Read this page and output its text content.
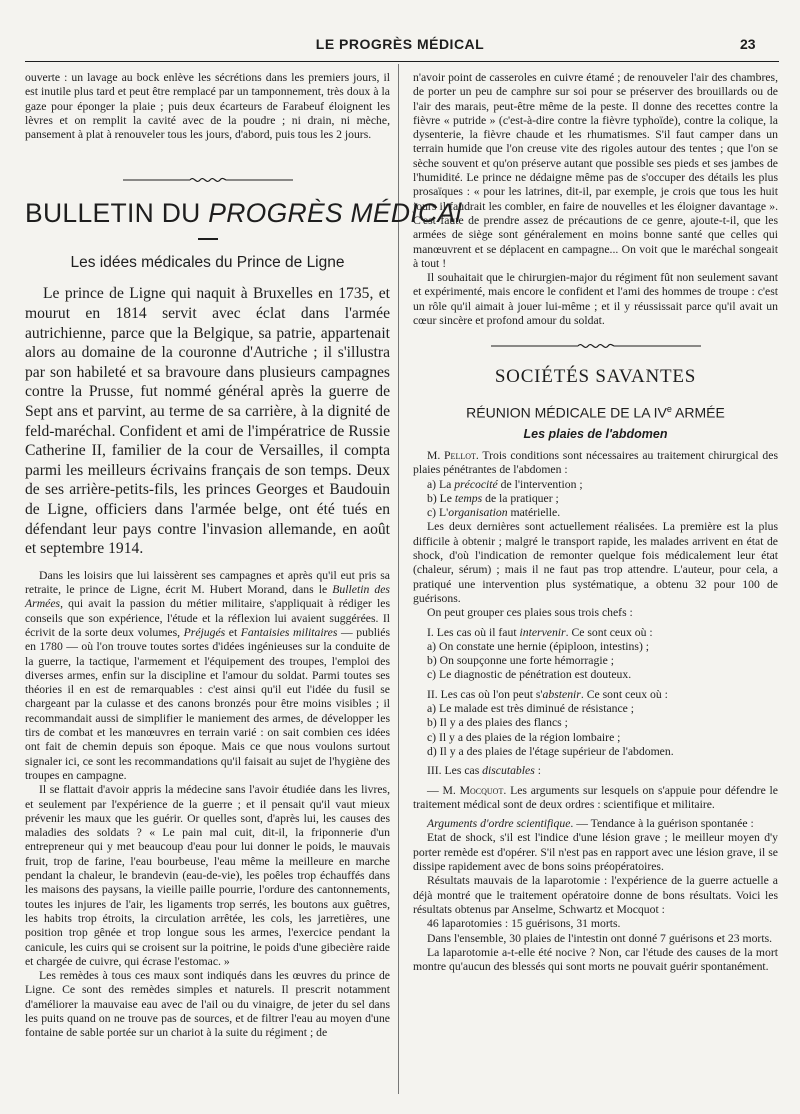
LE PROGRÈS MÉDICAL	23

ouverte : un lavage au bock enlève les sécrétions dans les premiers jours, il est inutile plus tard et peut être remplacé par un tamponnement, très doux à la gaze pour éponger la plaie ; puis deux écarteurs de Farabeuf éloignent les lèvres et on remplit la cavité avec de la poudre ; ni drain, ni mèche, pansement à plat à renouveler tous les jours, d'abord, puis tous les 2 jours.

BULLETIN DU PROGRÈS MÉDICAl
Les idées médicales du Prince de Ligne

Le prince de Ligne qui naquit à Bruxelles en 1735, et mourut en 1814 servit avec éclat dans l'armée autrichienne, parce que la Belgique, sa patrie, appartenait alors au domaine de la couronne d'Autriche ; il s'illustra par son habileté et sa bravoure dans plusieurs campagnes contre la Prusse, fut nommé général après la guerre de Sept ans et parvint, au terme de sa carrière, à la dignité de feld-maréchal. Confident et ami de l'impératrice de Russie Catherine II, familier de la cour de Versailles, il compta parmi les meilleurs écrivains français de son temps. Deux de ses arrière-petits-fils, les princes Georges et Baudouin de Ligne, officiers dans l'armée belge, ont été tués en défendant leur pays contre l'invasion allemande, en août et septembre 1914.

Dans les loisirs que lui laissèrent ses campagnes et après qu'il eut pris sa retraite, le prince de Ligne, écrit M. Hubert Morand, dans le Bulletin des Armées, qui avait la passion du métier militaire, s'appliquait à rédiger les conseils que son expérience, l'étude et la réflexion lui avaient suggérées. Il écrivit de la sorte deux volumes, Préjugés et Fantaisies militaires — publiés en 1780 — où l'on trouve toutes sortes d'idées ingénieuses sur la conduite de la guerre, la tactique, l'armement et l'équipement des troupes, l'emploi des diverses armes, enfin sur la discipline et l'amour du soldat. Parmi toutes ses théories il en est de remarquables : c'est ainsi qu'il eut l'idée du fusil se chargeant par la culasse et des canons bronzés pour être moins visibles ; il recommandait aussi de simplifier le maniement des armes, de développer les tirs de combat et les manœuvres en terrain varié : on sait combien ces idées ont fait de chemin depuis son époque. Mais ce que nous voulons surtout signaler ici, ce sont les recommandations qu'il faisait au sujet de l'hygiène des troupes en campagne.

Il se flattait d'avoir appris la médecine sans l'avoir étudiée dans les livres, et seulement par l'expérience de la guerre ; et il pensait qu'il vaut mieux prévenir les maux que les guérir. Or quelles sont, d'après lui, les causes des maladies des soldats ? « Le pain mal cuit, dit-il, la friponnerie d'un entrepreneur qui y met beaucoup d'eau pour lui donner le poids, le mauvais fruit, trop de farine, l'eau bourbeuse, l'eau même la meilleure en marche pendant la chaleur, le brandevin (eau-de-vie), les poêles trop échauffés dans les maisons des paysans, la vieille paille pourrie, l'ordure des cantonnements, toutes les injures de l'air, les ligaments trop serrés, les boutons aux guêtres, les habits trop étroits, la circulation arrêtée, les cols, les jarretières, une position trop gênée et trop longue sous les armes, l'exercice pendant la canicule, les cuirs qui se croisent sur la poitrine, le poids d'une gibecière raide et chargée de cuivre, qui écrase l'estomac. »

Les remèdes à tous ces maux sont indiqués dans les œuvres du prince de Ligne. Ce sont des remèdes simples et naturels. Il prescrit notamment d'améliorer la mauvaise eau avec de l'ail ou du vinaigre, de jeter du sel dans les puits quand on ne trouve pas de sources, et de filtrer l'eau au moyen d'une fontaine de sable portée sur un chariot à la suite du régiment ; de

n'avoir point de casseroles en cuivre étamé ; de renouveler l'air des chambres, de porter un peu de camphre sur soi pour se préserver des brouillards ou de l'air des marais, peut-être même de la peste. Il donne des recettes contre la fièvre « putride » (c'est-à-dire contre la fièvre typhoïde), contre la colique, la dysenterie, la fièvre chaude et les rhumatismes. S'il faut camper dans un terrain humide que l'on creuse vite des rigoles autour des tentes ; que l'on se sèche souvent et qu'on préserve autant que possible ses pieds et ses jambes de l'humidité. Le prince ne dédaigne même pas de s'occuper des détails les plus prosaïques : « pour les latrines, dit-il, par exemple, je crois que tous les huit jours il faudrait les combler, en faire de nouvelles et les éloigner davantage ». C'est faute de prendre assez de précautions de ce genre, ajoute-t-il, que les armées de siège sont généralement en moins bonne santé que celles qui manœuvrent et se déplacent en campagne... On voit que le maréchal songeait à tout !

Il souhaitait que le chirurgien-major du régiment fût non seulement savant et expérimenté, mais encore le confident et l'ami des hommes de troupe : c'est un rôle qu'il aimait à jouer lui-même ; et il y réussissait parce qu'il avait un cœur sincère et profond amour du soldat.

SOCIÉTÉS SAVANTES
RÉUNION MÉDICALE DE LA IVe ARMÉE
Les plaies de l'abdomen

M. Pellot. Trois conditions sont nécessaires au traitement chirurgical des plaies pénétrantes de l'abdomen :

a) La précocité de l'intervention ;

b) Le temps de la pratiquer ;

c) L'organisation matérielle.

Les deux dernières sont actuellement réalisées. La première est la plus difficile à obtenir ; malgré le transport rapide, les malades arrivent en état de shock, d'où l'indication de remonter quelque fois médicalement leur état (chaleur, sérum) ; mais il ne faut pas trop attendre. L'auteur, pour cela, a pratiqué une intervention plus systématique, a obtenu 32 pour 100 de guérisons.

On peut grouper ces plaies sous trois chefs :

I. Les cas où il faut intervenir. Ce sont ceux où :

a) On constate une hernie (épiploon, intestins) ;

b) On soupçonne une forte hémorragie ;

c) Le diagnostic de pénétration est douteux.

II. Les cas où l'on peut s'abstenir. Ce sont ceux où :

a) Le malade est très diminué de résistance ;

b) Il y a des plaies des flancs ;

c) Il y a des plaies de la région lombaire ;

d) Il y a des plaies de l'étage supérieur de l'abdomen.

III. Les cas discutables :

— M. Mocquot. Les arguments sur lesquels on s'appuie pour défendre le traitement médical sont de deux ordres : scientifique et militaire.

Arguments d'ordre scientifique. — Tendance à la guérison spontanée :

Etat de shock, s'il est l'indice d'une lésion grave ; le meilleur moyen d'y porter remède est d'opérer. S'il n'est pas en rapport avec une lésion grave, il se dissipe rapidement avec de bons soins préopératoires.

Résultats mauvais de la laparotomie : l'expérience de la guerre actuelle a déjà montré que le traitement opératoire donne de bons résultats. Voici les résultats obtenus par Anselme, Schwartz et Mocquot :

46 laparotomies : 15 guérisons, 31 morts.

Dans l'ensemble, 30 plaies de l'intestin ont donné 7 guérisons et 23 morts.

La laparotomie a-t-elle été nocive ? Non, car l'étude des causes de la mort montre qu'aucun des blessés qui sont morts ne pouvait guérir spontanément.
